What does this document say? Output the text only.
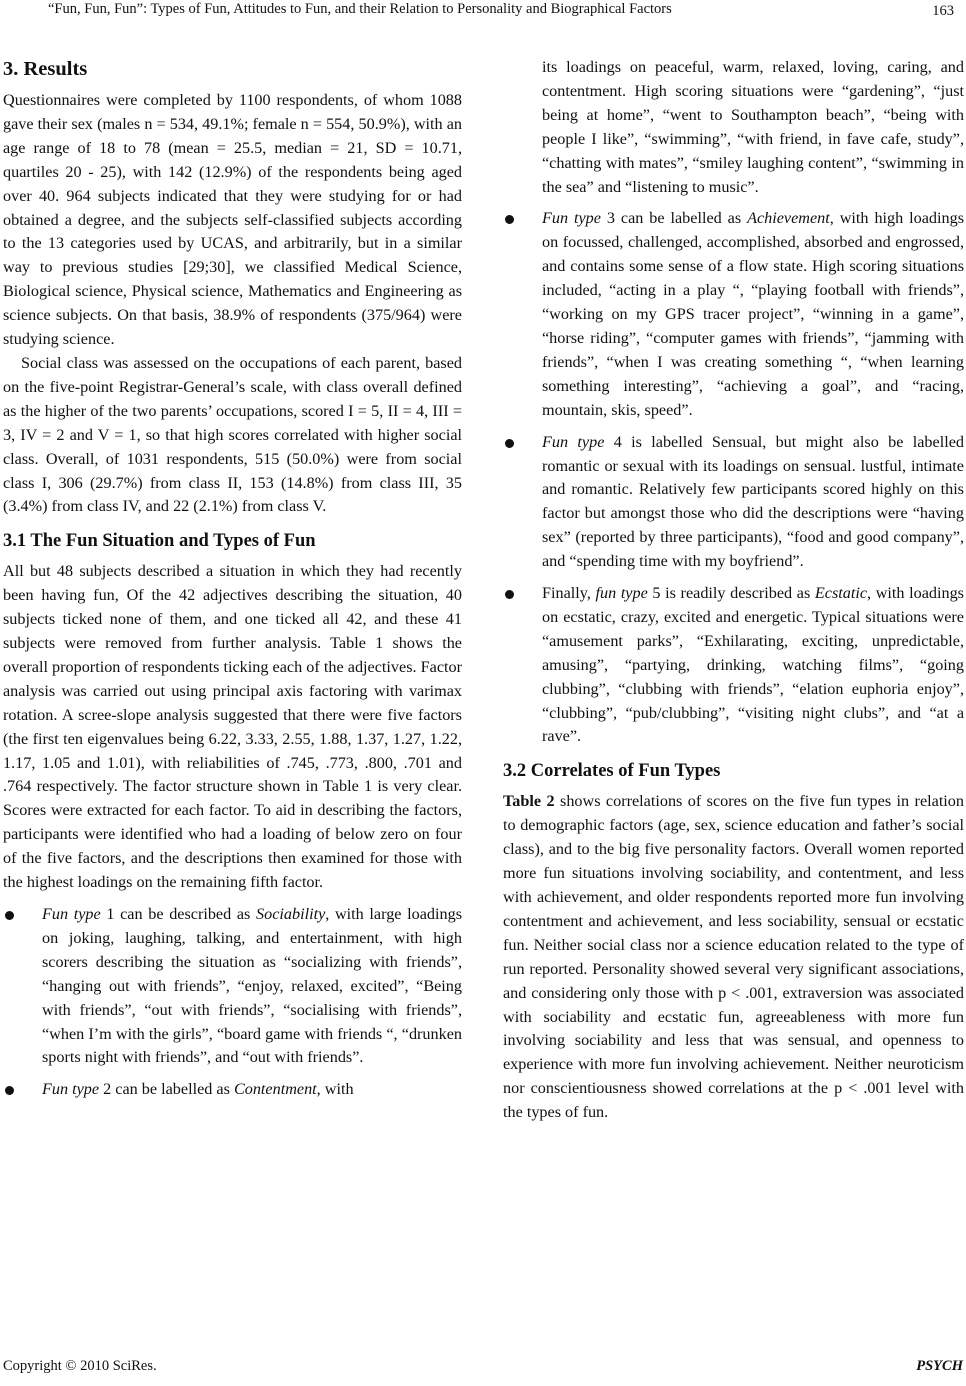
“Fun, Fun, Fun”: Types of Fun, Attitudes to Fun, and their Relation to Personality and Biographical Factors	163
3. Results

Questionnaires were completed by 1100 respondents, of whom 1088 gave their sex (males n = 534, 49.1%; female n = 554, 50.9%), with an age range of 18 to 78 (mean = 25.5, median = 21, SD = 10.71, quartiles 20 - 25), with 142 (12.9%) of the respondents being aged over 40. 964 subjects indicated that they were studying for or had obtained a degree, and the subjects self-classified subjects according to the 13 categories used by UCAS, and arbitrarily, but in a similar way to previous studies [29;30], we classified Medical Science, Biological science, Physical science, Mathematics and Engineering as science subjects. On that basis, 38.9% of respondents (375/964) were studying science.

Social class was assessed on the occupations of each parent, based on the five-point Registrar-General’s scale, with class overall defined as the higher of the two parents’ occupations, scored I = 5, II = 4, III = 3, IV = 2 and V = 1, so that high scores correlated with higher social class. Overall, of 1031 respondents, 515 (50.0%) were from social class I, 306 (29.7%) from class II, 153 (14.8%) from class III, 35 (3.4%) from class IV, and 22 (2.1%) from class V.

3.1 The Fun Situation and Types of Fun

All but 48 subjects described a situation in which they had recently been having fun, Of the 42 adjectives describing the situation, 40 subjects ticked none of them, and one ticked all 42, and these 41 subjects were removed from further analysis. Table 1 shows the overall proportion of respondents ticking each of the adjectives. Factor analysis was carried out using principal axis factoring with varimax rotation. A scree-slope analysis suggested that there were five factors (the first ten eigenvalues being 6.22, 3.33, 2.55, 1.88, 1.37, 1.27, 1.22, 1.17, 1.05 and 1.01), with reliabilities of .745, .773, .800, .701 and .764 respectively. The factor structure shown in Table 1 is very clear. Scores were extracted for each factor. To aid in describing the factors, participants were identified who had a loading of below zero on four of the five factors, and the descriptions then examined for those with the highest loadings on the remaining fifth factor.

Fun type 1 can be described as Sociability, with large loadings on joking, laughing, talking, and entertainment, with high scorers describing the situation as “socializing with friends”, “hanging out with friends”, “enjoy, relaxed, excited”, “Being with friends”, “out with friends”, “socialising with friends”, “when I’m with the girls”, “board game with friends “, “drunken sports night with friends”, and “out with friends”.
Fun type 2 can be labelled as Contentment, with
its loadings on peaceful, warm, relaxed, loving, caring, and contentment. High scoring situations were “gardening”, “just being at home”, “went to Southampton beach”, “being with people I like”, “swimming”, “with friend, in fave cafe, study”, “chatting with mates”, “smiley laughing content”, “swimming in the sea” and “listening to music”.
Fun type 3 can be labelled as Achievement, with high loadings on focussed, challenged, accomplished, absorbed and engrossed, and contains some sense of a flow state. High scoring situations included, “acting in a play “, “playing football with friends”, “working on my GPS tracer project”, “winning in a game”, “horse riding”, “computer games with friends”, “jamming with friends”, “when I was creating something “, “when learning something interesting”, “achieving a goal”, and “racing, mountain, skis, speed”.
Fun type 4 is labelled Sensual, but might also be labelled romantic or sexual with its loadings on sensual. lustful, intimate and romantic. Relatively few participants scored highly on this factor but amongst those who did the descriptions were “having sex” (reported by three participants), “food and good company”, and “spending time with my boyfriend”.
Finally, fun type 5 is readily described as Ecstatic, with loadings on ecstatic, crazy, excited and energetic. Typical situations were “amusement parks”, “Exhilarating, exciting, unpredictable, amusing”, “partying, drinking, watching films”, “going clubbing”, “clubbing with friends”, “elation euphoria enjoy”, “clubbing”, “pub/clubbing”, “visiting night clubs”, and “at a rave”.
3.2 Correlates of Fun Types

Table 2 shows correlations of scores on the five fun types in relation to demographic factors (age, sex, science education and father’s social class), and to the big five personality factors. Overall women reported more fun situations involving sociability, and contentment, and less with achievement, and older respondents reported more fun involving contentment and achievement, and less sociability, sensual or ecstatic fun. Neither social class nor a science education related to the type of run reported. Personality showed several very significant associations, and considering only those with p < .001, extraversion was associated with sociability and ecstatic fun, agreeableness with more fun involving sociability and less that was sensual, and openness to experience with more fun involving achievement. Neither neuroticism nor conscientiousness showed correlations at the p < .001 level with the types of fun.

Copyright © 2010 SciRes.	PSYCH
